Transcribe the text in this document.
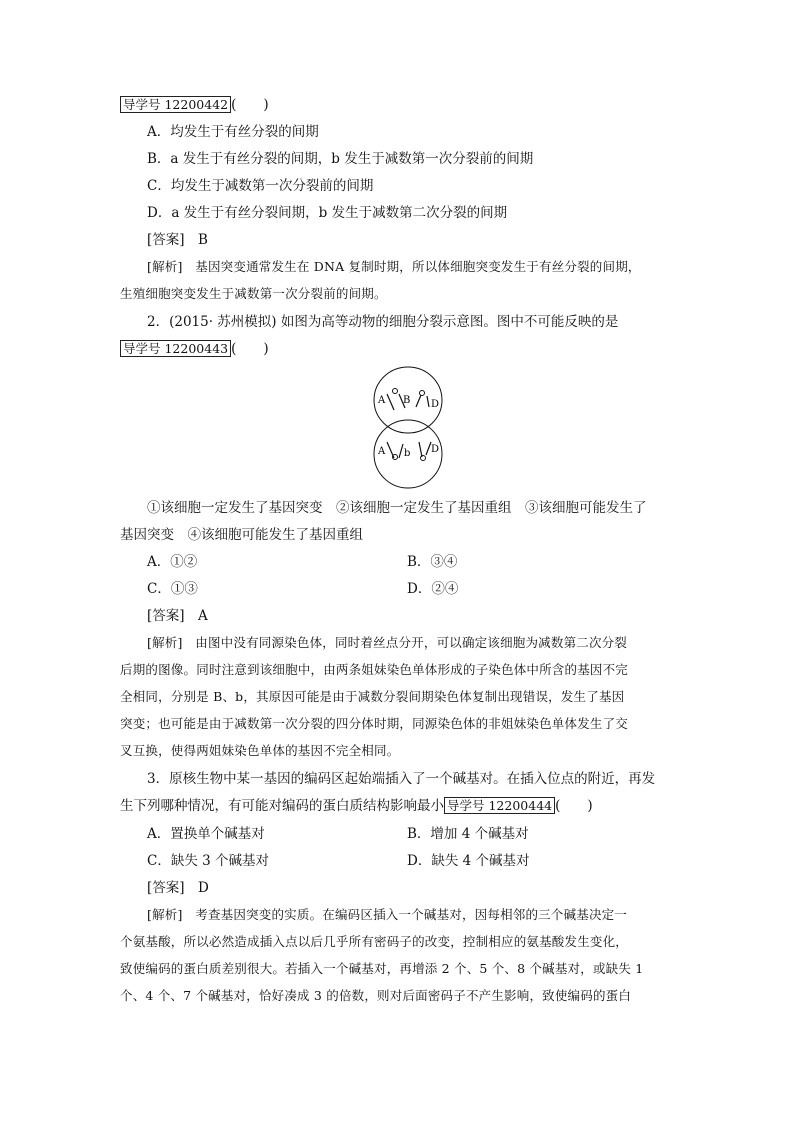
导学号 12200442 (　　)
A．均发生于有丝分裂的间期
B．a 发生于有丝分裂的间期，b 发生于减数第一次分裂前的间期
C．均发生于减数第一次分裂前的间期
D．a 发生于有丝分裂间期，b 发生于减数第二次分裂的间期
[答案]　 B
[解析]　 基因突变通常发生在 DNA 复制时期，所以体细胞突变发生于有丝分裂的间期，
生殖细胞突变发生于减数第一次分裂前的间期。
2．(2015· 苏州模拟) 如图为高等动物的细胞分裂示意图。图中不可能反映的是
导学号 12200443 (　　)
A B D
A b D
①该细胞一定发生了基因突变　②该细胞一定发生了基因重组　③该细胞可能发生了
基因突变　④该细胞可能发生了基因重组
A．①②	B．③④
C．①③	D．②④
[答案]　 A
[解析]　 由图中没有同源染色体，同时着丝点分开，可以确定该细胞为减数第二次分裂
后期的图像。同时注意到该细胞中，由两条姐妹染色单体形成的子染色体中所含的基因不完
全相同，分别是 B、b，其原因可能是由于减数分裂间期染色体复制出现错误，发生了基因
突变；也可能是由于减数第一次分裂的四分体时期，同源染色体的非姐妹染色单体发生了交
叉互换，使得两姐妹染色单体的基因不完全相同。
3．原核生物中某一基因的编码区起始端插入了一个碱基对。在插入位点的附近，再发
生下列哪种情况，有可能对编码的蛋白质结构影响最小 导学号 12200444 (　　)
A．置换单个碱基对	B．增加 4 个碱基对
C．缺失 3 个碱基对	D．缺失 4 个碱基对
[答案]　 D
[解析]　 考查基因突变的实质。在编码区插入一个碱基对，因每相邻的三个碱基决定一
个氨基酸，所以必然造成插入点以后几乎所有密码子的改变，控制相应的氨基酸发生变化，
致使编码的蛋白质差别很大。若插入一个碱基对，再增添 2 个、5 个、8 个碱基对，或缺失 1
个、4 个、7 个碱基对，恰好凑成 3 的倍数，则对后面密码子不产生影响，致使编码的蛋白
